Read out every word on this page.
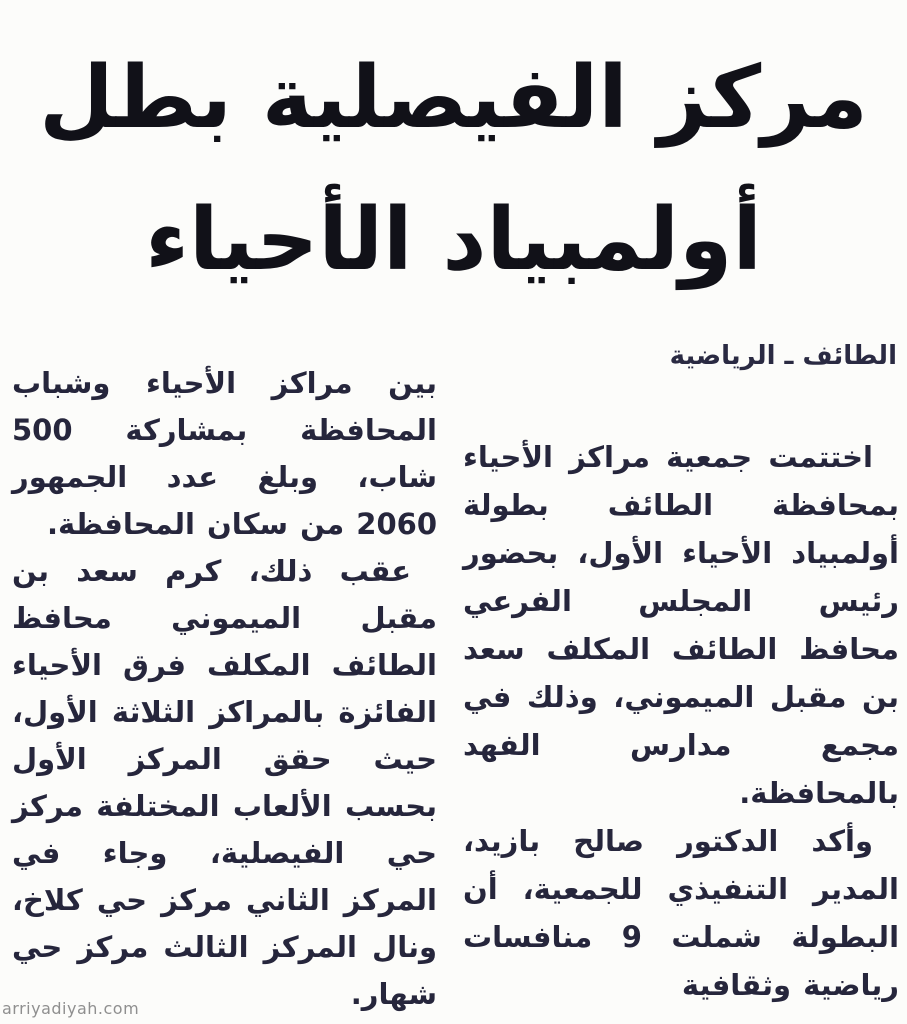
مركز الفيصلية بطل
أولمبياد الأحياء
الطائف ـ الرياضية

اختتمت جمعية مراكز الأحياء بمحافظة الطائف بطولة أولمبياد الأحياء الأول، بحضور رئيس المجلس الفرعي محافظ الطائف المكلف سعد بن مقبل الميموني، وذلك في مجمع مدارس الفهد بالمحافظة.

وأكد الدكتور صالح بازيد، المدير التنفيذي للجمعية، أن البطولة شملت 9 منافسات رياضية وثقافية

بين مراكز الأحياء وشباب المحافظة بمشاركة 500 شاب، وبلغ عدد الجمهور 2060 من سكان المحافظة.

عقب ذلك، كرم سعد بن مقبل الميموني محافظ الطائف المكلف فرق الأحياء الفائزة بالمراكز الثلاثة الأول، حيث حقق المركز الأول بحسب الألعاب المختلفة مركز حي الفيصلية، وجاء في المركز الثاني مركز حي كلاخ، ونال المركز الثالث مركز حي شهار.

arriyadiyah.com
